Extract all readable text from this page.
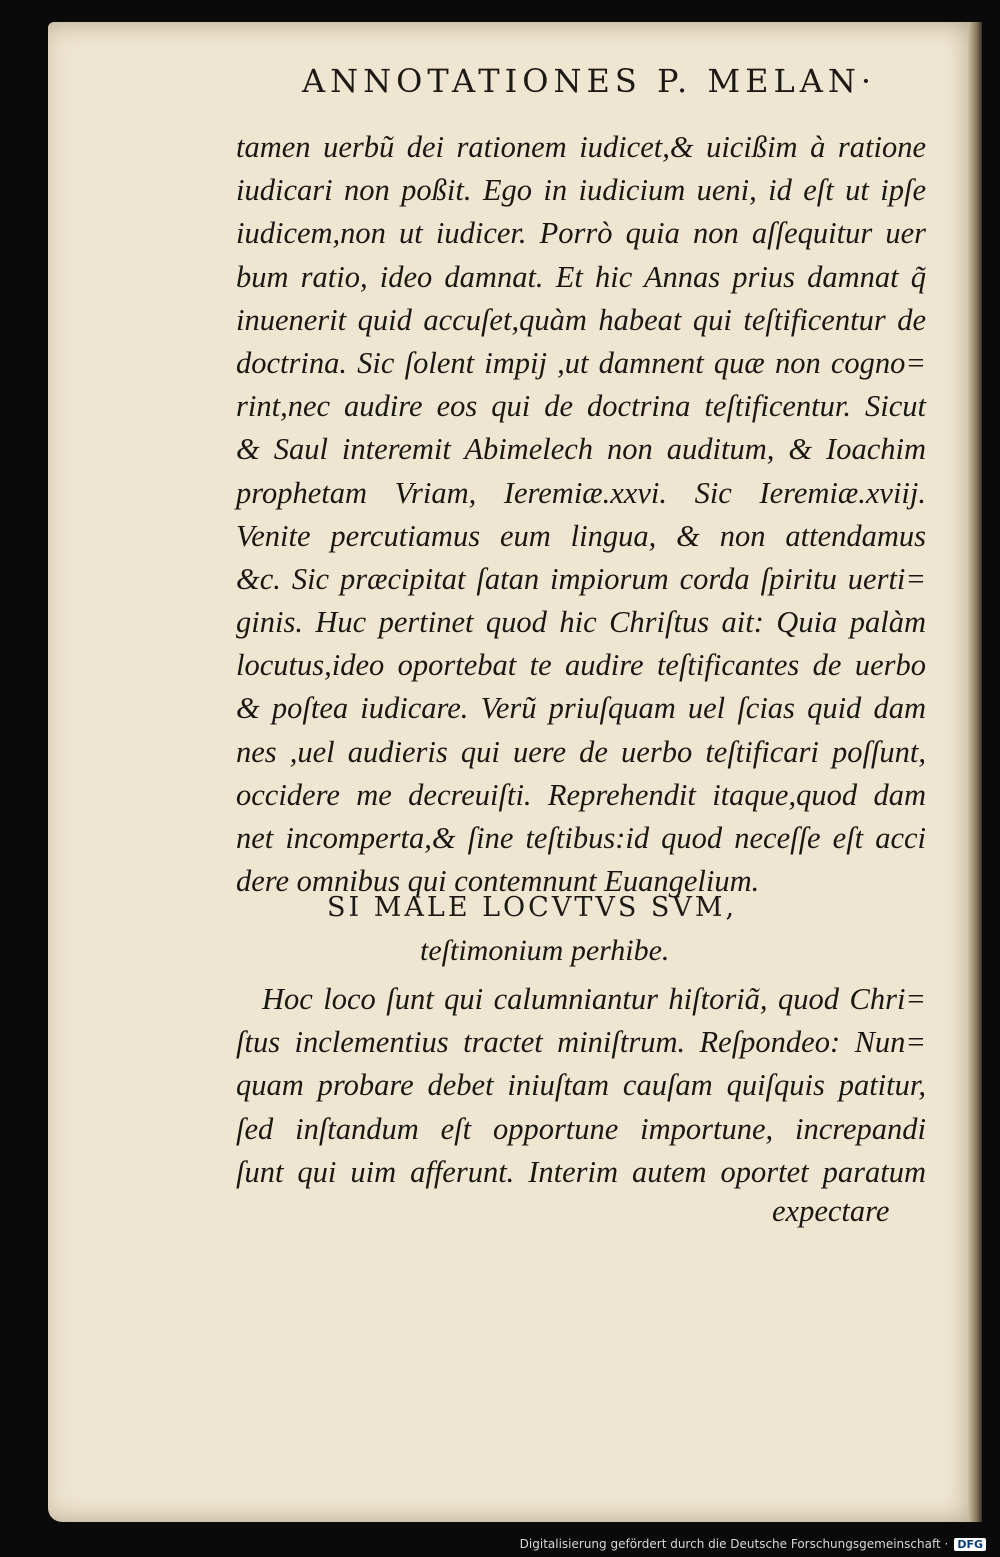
ANNOTATIONES P. MELAN·
tamen uerbũ dei rationem iudicet,& uicißim à ratione
iudicari non poßit. Ego in iudicium ueni, id eſt ut ipſe
iudicem,non ut iudicer. Porrò quia non aſſequitur uer
bum ratio, ideo damnat. Et hic Annas prius damnat q̃
inuenerit quid accuſet,quàm habeat qui teſtificentur de
doctrina. Sic ſolent impij ,ut damnent quæ non cogno=
rint,nec audire eos qui de doctrina teſtificentur. Sicut
& Saul interemit Abimelech non auditum, & Ioachim
prophetam Vriam, Ieremiæ.xxvi. Sic Ieremiæ.xviij.
Venite percutiamus eum lingua, & non attendamus
&c. Sic præcipitat ſatan impiorum corda ſpiritu uerti=
ginis. Huc pertinet quod hic Chriſtus ait: Quia palàm
locutus,ideo oportebat te audire teſtificantes de uerbo
& poſtea iudicare. Verũ priuſquam uel ſcias quid dam
nes ,uel audieris qui uere de uerbo teſtificari poſſunt,
occidere me decreuiſti. Reprehendit itaque,quod dam
net incomperta,& ſine teſtibus:id quod neceſſe eſt acci
dere omnibus qui contemnunt Euangelium.
SI MALE LOCVTVS SVM,
teſtimonium perhibe.
Hoc loco ſunt qui calumniantur hiſtoriã, quod Chri=
ſtus inclementius tractet miniſtrum. Reſpondeo: Nun=
quam probare debet iniuſtam cauſam quiſquis patitur,
ſed inſtandum eſt opportune importune, increpandi
ſunt qui uim afferunt. Interim autem oportet paratum
expectare
Digitalisierung gefördert durch die Deutsche Forschungsgemeinschaft · DFG
